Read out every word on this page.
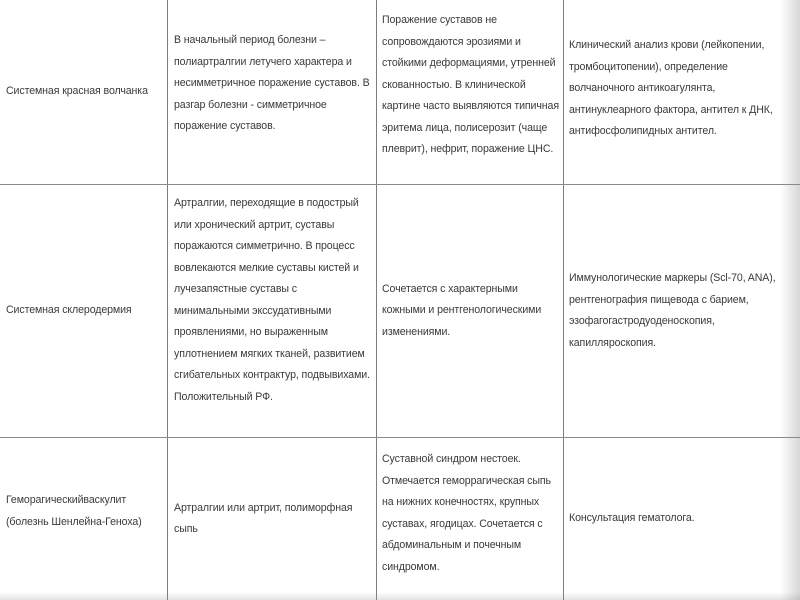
Системная красная волчанка
В начальный период болезни – полиартралгии летучего характера и несимметричное поражение суставов. В разгар болезни - симметричное поражение суставов.
Поражение суставов не сопровождаются эрозиями и стойкими деформациями, утренней скованностью. В клинической картине часто выявляются типичная эритема лица, полисерозит (чаще плеврит), нефрит, поражение ЦНС.
Клинический анализ крови (лейкопении, тромбоцитопении), определение волчаночного антикоагулянта, антинуклеарного фактора, антител к ДНК, антифосфолипидных антител.
Системная склеродермия
Артралгии, переходящие в подострый или хронический артрит, суставы поражаются симметрично. В процесс вовлекаются мелкие суставы кистей и лучезапястные суставы с минимальными экссудативными проявлениями, но выраженным уплотнением мягких тканей, развитием сгибательных контрактур, подвывихами. Положительный РФ.
Сочетается с характерными кожными и рентгенологическими изменениями.
Иммунологические маркеры (Scl-70, ANA), рентгенография пищевода с барием, эзофагогастродуоденоскопия, капилляроскопия.
Геморагическийваскулит (болезнь Шенлейна-Геноха)
Артралгии или артрит, полиморфная сыпь
Суставной синдром нестоек. Отмечается геморрагическая сыпь на нижних конечностях, крупных суставах, ягодицах. Сочетается с абдоминальным и почечным синдромом.
Консультация гематолога.
